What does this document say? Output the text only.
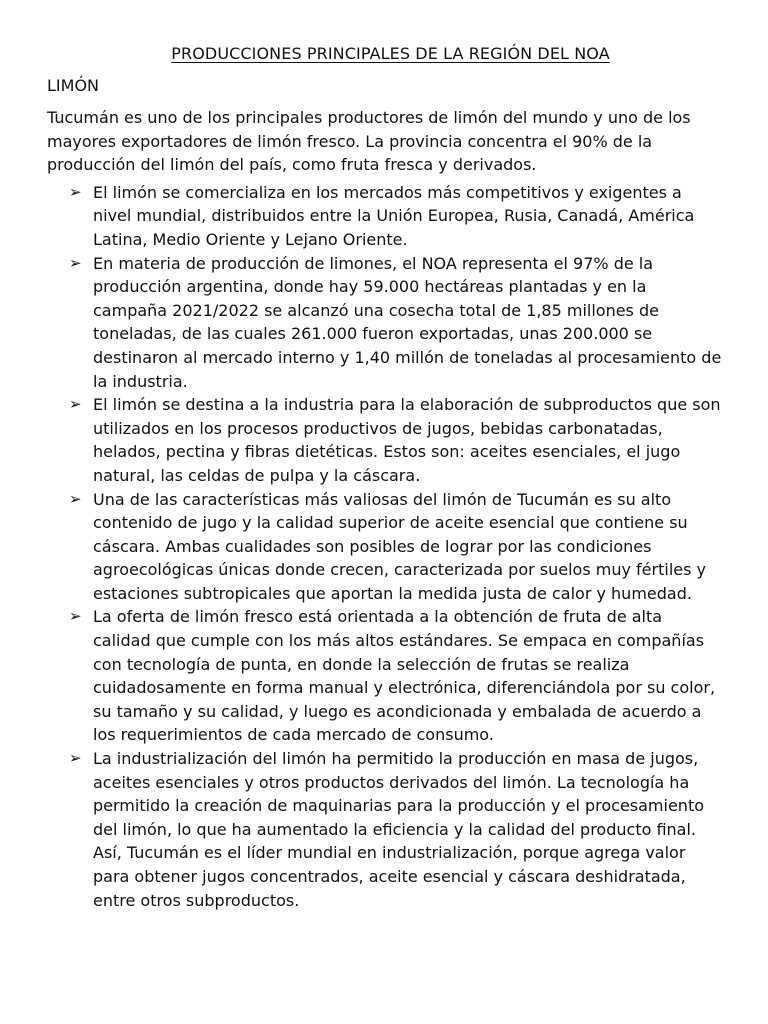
PRODUCCIONES PRINCIPALES DE LA REGIÓN DEL NOA
LIMÓN

Tucumán es uno de los principales productores de limón del mundo y uno de los mayores exportadores de limón fresco. La provincia concentra el 90% de la producción del limón del país, como fruta fresca y derivados.

➢ El limón se comercializa en los mercados más competitivos y exigentes a nivel mundial, distribuidos entre la Unión Europea, Rusia, Canadá, América Latina, Medio Oriente y Lejano Oriente.
➢ En materia de producción de limones, el NOA representa el 97% de la producción argentina, donde hay 59.000 hectáreas plantadas y en la campaña 2021/2022 se alcanzó una cosecha total de 1,85 millones de toneladas, de las cuales 261.000 fueron exportadas, unas 200.000 se destinaron al mercado interno y 1,40 millón de toneladas al procesamiento de la industria.
➢ El limón se destina a la industria para la elaboración de subproductos que son utilizados en los procesos productivos de jugos, bebidas carbonatadas, helados, pectina y fibras dietéticas. Estos son: aceites esenciales, el jugo natural, las celdas de pulpa y la cáscara.
➢ Una de las características más valiosas del limón de Tucumán es su alto contenido de jugo y la calidad superior de aceite esencial que contiene su cáscara. Ambas cualidades son posibles de lograr por las condiciones agroecológicas únicas donde crecen, caracterizada por suelos muy fértiles y estaciones subtropicales que aportan la medida justa de calor y humedad.
➢ La oferta de limón fresco está orientada a la obtención de fruta de alta calidad que cumple con los más altos estándares. Se empaca en compañías con tecnología de punta, en donde la selección de frutas se realiza cuidadosamente en forma manual y electrónica, diferenciándola por su color, su tamaño y su calidad, y luego es acondicionada y embalada de acuerdo a los requerimientos de cada mercado de consumo.
➢ La industrialización del limón ha permitido la producción en masa de jugos, aceites esenciales y otros productos derivados del limón. La tecnología ha permitido la creación de maquinarias para la producción y el procesamiento del limón, lo que ha aumentado la eficiencia y la calidad del producto final. Así, Tucumán es el líder mundial en industrialización, porque agrega valor para obtener jugos concentrados, aceite esencial y cáscara deshidratada, entre otros subproductos.
